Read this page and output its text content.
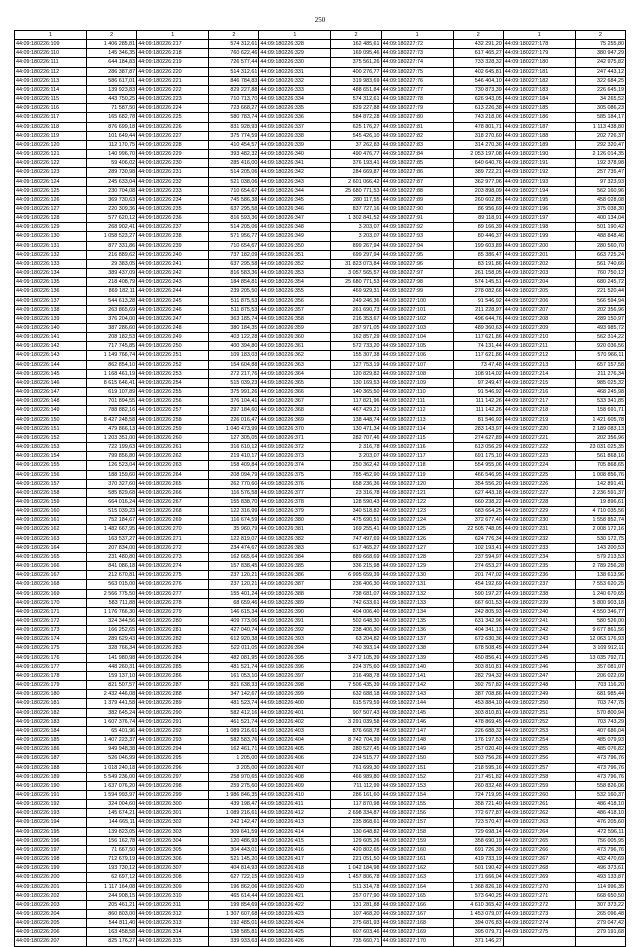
250
1	2	1	2	1	2	1	2	1	2
44:09:180226:109	1 406 285,81	44:09:180226:217	574 312,61	44:09:180226:328	162 485,61	44:09:180227:72	432 291,20	44:09:180227:178	75 255,80
44:09:180226:110	145 346,35	44:09:180226:218	760 622,46	44:09:180226:329	169 095,46	44:09:180227:73	617 465,27	44:09:180227:179	380 947,29
44:09:180226:111	644 184,83	44:09:180226:219	726 577,44	44:09:180226:330	375 561,26	44:09:180227:74	733 328,32	44:09:180227:180	242 975,82
44:09:180226:112	286 387,87	44:09:180226:220	514 312,61	44:09:180226:331	400 276,77	44:09:180227:75	402 645,81	44:09:180227:181	247 443,12
44:09:180226:113	586 617,01	44:09:180226:221	846 784,83	44:09:180226:332	319 983,69	44:09:180227:76	546 404,10	44:09:180227:182	322 684,25
44:09:180226:114	139 923,83	44:09:180226:222	829 227,88	44:09:180226:333	488 651,84	44:09:180227:77	730 873,39	44:09:180227:183	226 645,19
44:09:180226:115	443 750,25	44:09:180226:223	710 713,70	44:09:180226:334	574 312,61	44:09:180227:78	626 943,05	44:09:180227:184	34 265,52
44:09:180226:116	71 587,50	44:09:180226:224	723 668,27	44:09:180226:335	829 227,88	44:09:180227:79	613 226,38	44:09:180227:185	305 086,23
44:09:180226:117	165 682,78	44:09:180226:225	580 783,74	44:09:180226:336	584 872,28	44:09:180227:80	743 218,06	44:09:180227:186	585 184,17
44:09:180226:118	876 699,18	44:09:180226:226	831 928,93	44:09:180226:337	625 176,27	44:09:180227:81	478 801,71	44:09:180227:187	1 113 438,80
44:09:180226:119	101 649,44	44:09:180226:227	375 774,59	44:09:180226:338	545 426,10	44:09:180227:82	318 270,60	44:09:180227:188	202 726,37
44:09:180226:120	112 170,75	44:09:180226:228	410 454,57	44:09:180226:339	37 262,83	44:09:180227:83	314 270,36	44:09:180227:189	292 320,47
44:09:180226:121	140 996,70	44:09:180226:229	393 482,32	44:09:180226:340	490 476,77	44:09:180227:84	2 053 197,08	44:09:180227:190	2 126 014,35
44:09:180226:122	59 406,02	44:09:180226:230	285 416,00	44:09:180226:341	376 193,41	44:09:180227:85	640 640,76	44:09:180227:191	192 378,98
44:09:180226:123	289 730,98	44:09:180226:231	514 205,06	44:09:180226:342	284 669,87	44:09:180227:86	389 722,21	44:09:180227:192	257 735,47
44:09:180226:124	245 633,04	44:09:180226:232	521 038,06	44:09:180226:343	2 601 066,42	44:09:180227:87	362 977,06	44:09:180227:193	97 323,93
44:09:180226:125	230 704,08	44:09:180226:233	710 654,67	44:09:180226:344	25 680 771,53	44:09:180227:88	203 898,09	44:09:180227:194	562 160,96
44:09:180226:126	369 730,63	44:09:180226:234	745 586,38	44:09:180226:345	280 117,55	44:09:180227:89	260 602,85	44:09:180227:195	458 028,08
44:09:180226:127	220 309,36	44:09:180226:235	637 295,58	44:09:180226:346	837 727,16	44:09:180227:90	86 956,69	44:09:180227:196	375 038,30
44:09:180226:128	577 620,12	44:09:180226:236	816 593,36	44:09:180226:347	1 302 841,52	44:09:180227:91	89 118,91	44:09:180227:197	400 134,04
44:09:180226:129	268 902,41	44:09:180226:237	514 205,06	44:09:180226:348	3 203,07	44:09:180227:92	89 166,39	44:09:180227:198	501 190,42
44:09:180226:130	1 058 523,27	44:09:180226:238	571 956,77	44:09:180226:349	3 203,07	44:09:180227:93	80 446,37	44:09:180227:199	488 848,46
44:09:180226:131	877 331,86	44:09:180226:239	710 654,67	44:09:180226:350	899 267,94	44:09:180227:94	199 603,89	44:09:180227:200	280 560,70
44:09:180226:132	216 889,62	44:09:180226:240	737 182,09	44:09:180226:351	699 297,94	44:09:180227:95	85 386,47	44:09:180227:201	663 725,24
44:09:180226:133	29 383,05	44:09:180226:241	637 295,58	44:09:180226:352	31 823 073,84	44:09:180227:96	83 191,86	44:09:180227:202	561 740,66
44:09:180226:134	389 437,09	44:09:180226:242	816 583,36	44:09:180226:353	3 057 565,57	44:09:180227:97	261 158,05	44:09:180227:203	760 750,12
44:09:180226:135	218 408,79	44:09:180226:243	184 854,81	44:09:180226:354	25 680 771,53	44:09:180227:98	574 145,51	44:09:180227:204	680 245,72
44:09:180226:136	869 182,11	44:09:180226:244	239 205,50	44:09:180226:355	469 929,31	44:09:180227:99	278 082,66	44:09:180227:205	221 520,44
44:09:180226:137	544 613,28	44:09:180226:245	511 875,53	44:09:180226:356	249 246,36	44:09:180227:100	91 546,92	44:09:180227:206	566 594,94
44:09:180226:138	263 865,69	44:09:180226:246	511 875,53	44:09:180226:357	261 690,73	44:09:180227:101	211 228,97	44:09:180227:207	202 356,96
44:09:180226:139	376 204,00	44:09:180226:247	363 185,74	44:09:180226:358	216 353,67	44:09:180227:102	496 644,76	44:09:180227:208	289 150,97
44:09:180226:140	387 286,60	44:09:180226:248	380 184,35	44:09:180226:359	287 971,05	44:09:180227:103	489 360,63	44:09:180227:209	493 985,72
44:09:180226:141	208 182,53	44:09:180226:249	403 122,28	44:09:180226:360	162 857,29	44:09:180227:104	117 621,86	44:09:180227:210	562 314,22
44:09:180226:142	717 745,85	44:09:180226:250	400 394,80	44:09:180226:361	572 733,20	44:09:180227:105	74 131,44	44:09:180227:211	920 036,56
44:09:180226:143	1 149 766,74	44:09:180226:251	109 183,03	44:09:180226:362	155 307,38	44:09:180227:106	117 621,86	44:09:180227:212	570 966,11
44:09:180226:144	862 854,10	44:09:180226:252	154 604,88	44:09:180226:363	127 753,19	44:09:180227:107	73 47,48	44:09:180227:213	657 157,58
44:09:180226:145	1 168 461,19	44:09:180226:253	272 217,76	44:09:180226:364	120 829,82	44:09:180227:108	108 914,02	44:09:180227:214	211 276,34
44:09:180226:146	8 615 646,41	44:09:180226:254	515 039,23	44:09:180226:365	130 169,53	44:09:180227:109	97 249,47	44:09:180227:215	985 025,32
44:09:180226:147	619 107,89	44:09:180226:255	375 991,26	44:09:180226:366	140 365,50	44:09:180227:110	91 546,92	44:09:180227:216	468 245,98
44:09:180226:148	701 894,55	44:09:180226:256	376 104,41	44:09:180226:367	117 821,96	44:09:180227:111	111 142,26	44:09:180227:217	533 341,85
44:09:180226:149	788 882,16	44:09:180226:257	297 184,60	44:09:180226:368	467 429,21	44:09:180227:112	111 142,26	44:09:180227:218	158 691,71
44:09:180226:150	8 427 248,58	44:09:180226:258	226 016,47	44:09:180226:369	138 448,74	44:09:180227:113	81 546,92	44:09:180227:219	1 421 605,78
44:09:180226:151	479 866,13	44:09:180226:259	1 040 473,99	44:09:180226:370	130 471,34	44:09:180227:114	283 143,97	44:09:180227:220	2 189 083,13
44:09:180226:152	1 203 351,00	44:09:180226:260	127 305,05	44:09:180226:371	282 707,46	44:09:180227:115	274 627,89	44:09:180227:221	202 356,96
44:09:180226:153	722 199,63	44:09:180226:261	316 610,12	44:09:180226:372	2 316,78	44:09:180227:116	613 056,29	44:09:180227:222	23 031 025,35
44:09:180226:154	799 856,80	44:09:180226:262	219 410,17	44:09:180226:373	3 203,07	44:09:180227:117	691 175,10	44:09:180227:223	561 868,16
44:09:180226:155	126 523,04	44:09:180226:263	158 409,84	44:09:180226:374	250 362,42	44:09:180227:118	554 955,06	44:09:180227:224	705 868,65
44:09:180226:156	188 159,60	44:09:180226:264	208 094,79	44:09:180226:375	785 452,90	44:09:180227:119	466 546,95	44:09:180227:225	1 008 856,76
44:09:180226:157	370 327,60	44:09:180226:265	262 770,60	44:09:180226:376	658 236,36	44:09:180227:120	354 556,20	44:09:180227:226	142 891,41
44:09:180226:158	585 829,68	44:09:180226:266	116 576,58	44:09:180226:377	23 316,78	44:09:180227:121	627 443,18	44:09:180227:227	2 236 591,37
44:09:180226:159	664 016,24	44:09:180226:267	155 838,70	44:09:180226:378	128 590,43	44:09:180227:122	660 238,22	44:09:180227:228	19 896,61
44:09:180226:160	515 039,23	44:09:180226:268	122 316,99	44:09:180226:379	340 518,82	44:09:180227:123	683 664,25	44:09:180227:229	4 710 035,56
44:09:180226:161	752 184,67	44:09:180226:269	116 674,59	44:09:180226:380	475 690,51	44:09:180227:124	372 677,40	44:09:180227:230	1 558 852,74
44:09:180226:162	1 482 667,95	44:09:180226:270	35 960,79	44:09:180226:381	169 255,41	44:09:180227:125	22 505 748,05	44:09:180227:231	2 008 172,16
44:09:180226:163	163 537,27	44:09:180226:271	122 819,07	44:09:180226:382	747 497,69	44:09:180227:126	624 776,34	44:09:180227:232	530 172,75
44:09:180226:164	207 834,00	44:09:180226:272	234 474,67	44:09:180226:383	617 465,27	44:09:180227:127	102 193,41	44:09:180227:233	143 200,53
44:09:180226:165	231 480,80	44:09:180226:273	162 665,64	44:09:180226:384	889 668,69	44:09:180227:128	237 594,97	44:09:180227:234	579 213,53
44:09:180226:166	841 086,18	44:09:180226:274	157 838,45	44:09:180226:385	336 215,98	44:09:180227:129	274 653,27	44:09:180227:235	2 789 256,28
44:09:180226:167	212 670,81	44:09:180226:275	237 120,21	44:09:180226:386	6 995 659,39	44:09:180227:130	201 747,02	44:09:180227:236	138 613,96
44:09:180226:168	563 015,00	44:09:180226:276	237 120,21	44:09:180226:387	236 406,30	44:09:180227:131	454 192,69	44:09:180227:237	7 553 620,25
44:09:180226:169	2 566 775,50	44:09:180226:277	155 401,24	44:09:180226:388	738 681,07	44:09:180227:132	590 197,27	44:09:180227:238	1 240 670,65
44:09:180226:170	583 711,88	44:09:180226:278	68 659,46	44:09:180226:389	742 633,61	44:09:180227:133	667 601,53	44:09:180227:239	5 800 903,18
44:09:180226:171	1 176 766,30	44:09:180226:279	146 615,34	44:09:180226:390	404 006,40	44:09:180227:134	242 805,93	44:09:180227:240	4 550 346,77
44:09:180226:172	324 344,56	44:09:180226:280	409 773,06	44:09:180226:391	502 648,30	44:09:180227:135	631 342,96	44:09:180227:241	580 526,00
44:09:180226:173	166 252,65	44:09:180226:281	427 040,74	44:09:180226:392	238 406,30	44:09:180227:136	404 341,13	44:09:180227:242	9 677 861,56
44:09:180226:174	289 629,43	44:09:180226:282	612 920,38	44:09:180226:393	63 204,82	44:09:180227:137	672 630,36	44:09:180227:243	12 063 176,93
44:09:180226:175	328 766,34	44:09:180226:283	522 011,05	44:09:180226:394	740 393,14	44:09:180227:138	678 508,45	44:09:180227:244	3 109 912,11
44:09:180226:176	141 980,98	44:09:180226:284	482 081,95	44:09:180226:395	3 472 105,39	44:09:180227:139	450 856,41	44:09:180227:245	13 035 792,71
44:09:180226:177	448 260,31	44:09:180226:285	481 521,74	44:09:180226:396	224 375,60	44:09:180227:140	303 810,81	44:09:180227:246	357 081,07
44:09:180226:178	159 137,10	44:09:180226:286	161 053,10	44:09:180226:397	216 498,78	44:09:180227:141	282 794,32	44:09:180227:247	206 022,09
44:09:180226:179	821 507,57	44:09:180226:287	821 638,33	44:09:180226:398	7 506 435,39	44:09:180227:142	392 757,82	44:09:180227:248	703 116,20
44:09:180226:180	2 432 446,08	44:09:180226:288	347 142,67	44:09:180226:399	632 688,18	44:09:180227:143	387 708,86	44:09:180227:249	681 985,44
44:09:180226:181	1 379 441,58	44:09:180226:289	481 523,74	44:09:180226:400	615 579,59	44:09:180227:144	453 884,10	44:09:180227:250	703 747,75
44:09:180226:182	382 645,24	44:09:180226:290	582 412,16	44:09:180226:401	907 507,43	44:09:180227:145	303 810,81	44:09:180227:251	570 800,94
44:09:180226:183	1 607 376,74	44:09:180226:291	461 521,74	44:09:180226:402	3 291 039,58	44:09:180227:146	478 869,45	44:09:180227:252	703 743,29
44:09:180226:184	65 401,96	44:09:180226:292	1 089 216,61	44:09:180226:403	876 668,78	44:09:180227:147	226 688,32	44:09:180227:253	407 686,04
44:09:180226:185	1 407 223,37	44:09:180226:293	582 583,76	44:09:180226:404	8 742 704,39	44:09:180227:148	176 197,53	44:09:180227:254	485 079,93
44:09:180226:186	949 948,38	44:09:180226:294	162 461,71	44:09:180226:405	280 527,45	44:09:180227:149	257 020,40	44:09:180227:255	485 076,82
44:09:180226:187	526 046,99	44:09:180226:295	1 205,00	44:09:180226:406	224 515,77	44:09:180227:150	503 756,26	44:09:180227:256	473 796,76
44:09:180226:188	1 018 240,18	44:09:180226:296	3 205,00	44:09:180226:407	761 699,30	44:09:180227:151	218 595,16	44:09:180227:257	473 796,76
44:09:180226:189	5 549 236,00	44:09:180226:297	258 970,65	44:09:180226:408	466 989,80	44:09:180227:152	217 451,82	44:09:180227:258	473 796,76
44:09:180226:190	1 637 076,20	44:09:180226:298	259 275,60	44:09:180226:409	711 112,99	44:09:180227:153	260 832,48	44:09:180227:259	558 826,06
44:09:180226:191	1 594 993,97	44:09:180226:299	1 986 846,35	44:09:180226:410	286 161,60	44:09:180227:154	724 719,95	44:09:180227:260	532 160,37
44:09:180226:192	324 004,60	44:09:180226:300	439 198,47	44:09:180226:411	117 870,98	44:09:180227:155	358 721,40	44:09:180227:261	486 418,10
44:09:180226:193	145 674,21	44:09:180226:301	1 089 216,61	44:09:180226:412	2 698 334,87	44:09:180227:156	772 677,87	44:09:180227:262	486 418,10
44:09:180226:194	144 665,11	44:09:180226:302	242 142,47	44:09:180226:413	235 868,61	44:09:180227:157	723 570,47	44:09:180227:263	476 205,60
44:09:180226:195	139 823,05	44:09:180226:303	309 641,59	44:09:180226:414	130 648,82	44:09:180227:158	729 698,14	44:09:180227:264	472 596,11
44:09:180226:196	156 162,78	44:09:180226:304	120 486,93	44:09:180226:415	129 605,26	44:09:180227:159	358 690,19	44:09:180227:265	756 005,95
44:09:180226:197	71 667,50	44:09:180226:305	304 443,01	44:09:180226:416	420 802,65	44:09:180227:160	691 726,39	44:09:180227:266	473 796,76
44:09:180226:198	712 679,19	44:09:180226:306	521 145,20	44:09:180226:417	221 051,50	44:09:180227:161	419 733,19	44:09:180227:267	432 470,69
44:09:180226:199	193 730,12	44:09:180226:307	404 814,93	44:09:180226:418	1 042 184,98	44:09:180227:162	501 190,42	44:09:180227:268	496 373,61
44:09:180226:200	62 697,12	44:09:180226:308	627 722,15	44:09:180226:419	1 457 806,78	44:09:180227:163	171 666,04	44:09:180227:269	493 133,87
44:09:180226:201	1 117 164,08	44:09:180226:309	196 862,06	44:09:180226:420	511 314,78	44:09:180227:164	1 368 826,18	44:09:180227:270	114 996,35
44:09:180226:202	244 908,15	44:09:180226:310	465 614,44	44:09:180226:421	257 077,90	44:09:180227:165	573 640,25	44:09:180227:271	668 650,50
44:09:180226:203	205 461,21	44:09:180226:311	199 854,69	44:09:180226:422	131 281,88	44:09:180227:166	4 610 365,42	44:09:180227:272	307 373,22
44:09:180226:204	860 803,00	44:09:180226:312	1 307 607,68	44:09:180226:423	107 468,20	44:09:180227:167	1 453 079,07	44:09:180227:273	265 096,48
44:09:180226:205	544 811,40	44:09:180226:313	192 485,01	44:09:180226:424	275 681,93	44:09:180227:168	394 076,83	44:09:180227:274	279 047,42
44:09:180226:206	163 458,58	44:09:180226:314	138 585,81	44:09:180226:425	607 603,46	44:09:180227:169	395 079,71	44:09:180227:275	279 191,68
44:09:180226:207	825 176,27	44:09:180226:315	339 933,63	44:09:180226:426	735 660,71	44:09:180227:170	371 146,27		
